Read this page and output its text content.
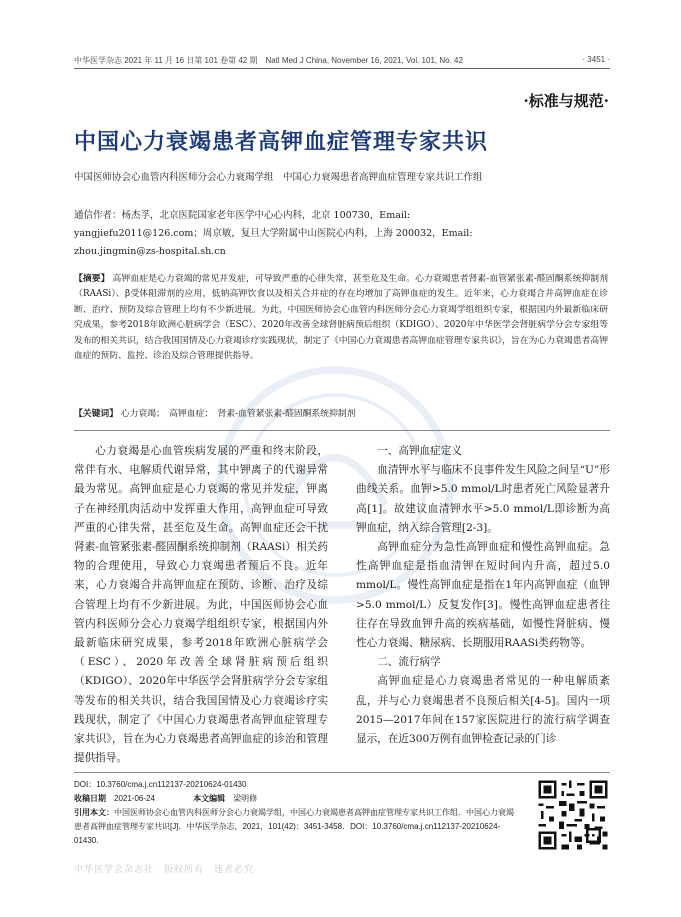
中华医学杂志 2021 年 11 月 16 日第 101 卷第 42 期　Natl Med J China, November 16, 2021, Vol. 101, No. 42	· 3451 ·
·标准与规范·
中国心力衰竭患者高钾血症管理专家共识
中国医师协会心血管内科医师分会心力衰竭学组　中国心力衰竭患者高钾血症管理专家共识工作组
通信作者：杨杰孚，北京医院国家老年医学中心心内科，北京 100730，Email: yangjiefu2011@126.com；周京敏，复旦大学附属中山医院心内科，上海 200032，Email: zhou.jingmin@zs-hospital.sh.cn
【摘要】 高钾血症是心力衰竭的常见并发症，可导致严重的心律失常，甚至危及生命。心力衰竭患者肾素-血管紧张素-醛固酮系统抑制剂（RAASi）、β受体阻滞剂的应用，低钠高钾饮食以及相关合并症的存在均增加了高钾血症的发生。近年来，心力衰竭合并高钾血症在诊断、治疗、预防及综合管理上均有不少新进展。为此，中国医师协会心血管内科医师分会心力衰竭学组组织专家，根据国内外最新临床研究成果，参考2018年欧洲心脏病学会（ESC）、2020年改善全球肾脏病预后组织（KDIGO）、2020年中华医学会肾脏病学分会专家组等发布的相关共识，结合我国国情及心力衰竭诊疗实践现状，制定了《中国心力衰竭患者高钾血症管理专家共识》，旨在为心力衰竭患者高钾血症的预防、监控、诊治及综合管理提供指导。
【关键词】 心力衰竭；　高钾血症；　肾素-血管紧张素-醛固酮系统抑制剂

心力衰竭是心血管疾病发展的严重和终末阶段，常伴有水、电解质代谢异常，其中钾离子的代谢异常最为常见。高钾血症是心力衰竭的常见并发症，钾离子在神经肌肉活动中发挥重大作用，高钾血症可导致严重的心律失常，甚至危及生命。高钾血症还会干扰肾素-血管紧张素-醛固酮系统抑制剂（RAASi）相关药物的合理使用，导致心力衰竭患者预后不良。近年来，心力衰竭合并高钾血症在预防、诊断、治疗及综合管理上均有不少新进展。为此，中国医师协会心血管内科医师分会心力衰竭学组组织专家，根据国内外最新临床研究成果，参考2018年欧洲心脏病学会（ESC）、2020年改善全球肾脏病预后组织（KDIGO）、2020年中华医学会肾脏病学分会专家组等发布的相关共识，结合我国国情及心力衰竭诊疗实践现状，制定了《中国心力衰竭患者高钾血症管理专家共识》，旨在为心力衰竭患者高钾血症的诊治和管理提供指导。

一、高钾血症定义

血清钾水平与临床不良事件发生风险之间呈“U”形曲线关系。血钾>5.0 mmol/L时患者死亡风险显著升高[1]。故建议血清钾水平>5.0 mmol/L即诊断为高钾血症，纳入综合管理[2-3]。

高钾血症分为急性高钾血症和慢性高钾血症。急性高钾血症是指血清钾在短时间内升高，超过5.0 mmol/L。慢性高钾血症是指在1年内高钾血症（血钾>5.0 mmol/L）反复发作[3]。慢性高钾血症患者往往存在导致血钾升高的疾病基础，如慢性肾脏病、慢性心力衰竭、糖尿病、长期服用RAASi类药物等。

二、流行病学

高钾血症是心力衰竭患者常见的一种电解质紊乱，并与心力衰竭患者不良预后相关[4-5]。国内一项2015—2017年间在157家医院进行的流行病学调查显示，在近300万例有血钾检查记录的门诊

DOI：10.3760/cma.j.cn112137-20210624-01430
收稿日期　 2021-06-24	本文编辑　 梁明修
引用本文：中国医师协会心血管内科医师分会心力衰竭学组，中国心力衰竭患者高钾血症管理专家共识工作组．中国心力衰竭患者高钾血症管理专家共识[J]．中华医学杂志，2021，101(42)：3451-3458．DOI：10.3760/cma.j.cn112137-20210624-01430.
中华医学会杂志社　版权所有　违者必究
